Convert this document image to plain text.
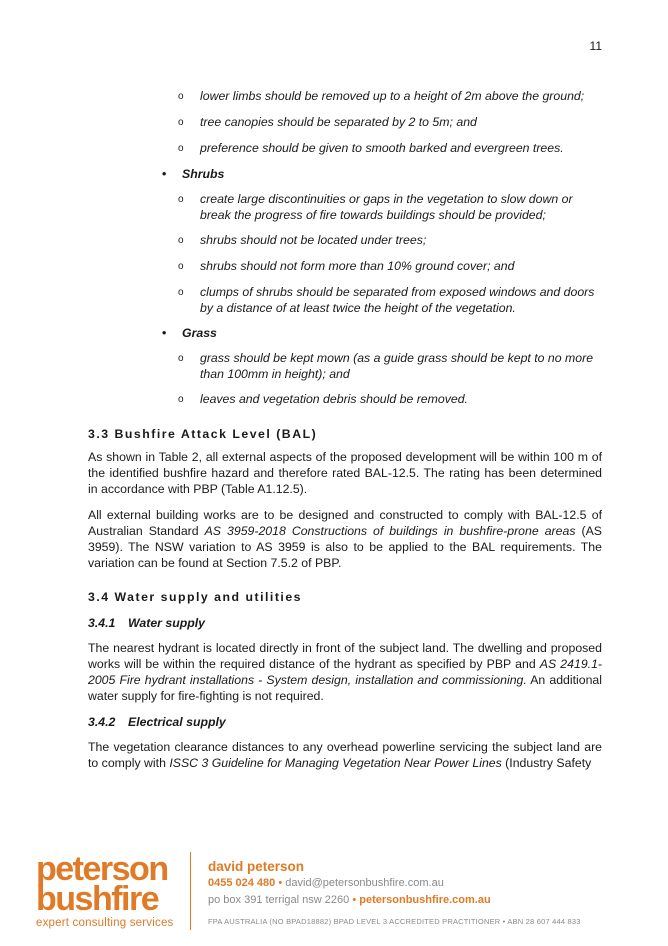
11
o	lower limbs should be removed up to a height of 2m above the ground;
o	tree canopies should be separated by 2 to 5m; and
o	preference should be given to smooth barked and evergreen trees.
•	Shrubs
o	create large discontinuities or gaps in the vegetation to slow down or break the progress of fire towards buildings should be provided;
o	shrubs should not be located under trees;
o	shrubs should not form more than 10% ground cover; and
o	clumps of shrubs should be separated from exposed windows and doors by a distance of at least twice the height of the vegetation.
•	Grass
o	grass should be kept mown (as a guide grass should be kept to no more than 100mm in height); and
o	leaves and vegetation debris should be removed.
3.3 Bushfire Attack Level (BAL)

As shown in Table 2, all external aspects of the proposed development will be within 100 m of the identified bushfire hazard and therefore rated BAL-12.5. The rating has been determined in accordance with PBP (Table A1.12.5).

All external building works are to be designed and constructed to comply with BAL-12.5 of Australian Standard AS 3959-2018 Constructions of buildings in bushfire-prone areas (AS 3959). The NSW variation to AS 3959 is also to be applied to the BAL requirements. The variation can be found at Section 7.5.2 of PBP.

3.4 Water supply and utilities
3.4.1 Water supply

The nearest hydrant is located directly in front of the subject land. The dwelling and proposed works will be within the required distance of the hydrant as specified by PBP and AS 2419.1-2005 Fire hydrant installations - System design, installation and commissioning. An additional water supply for fire-fighting is not required.

3.4.2 Electrical supply

The vegetation clearance distances to any overhead powerline servicing the subject land are to comply with ISSC 3 Guideline for Managing Vegetation Near Power Lines (Industry Safety

peterson
bushfire
expert consulting services
david peterson
0455 024 480 • david@petersonbushfire.com.au
po box 391 terrigal nsw 2260 • petersonbushfire.com.au
FPA AUSTRALIA (NO BPAD18882) BPAD LEVEL 3 ACCREDITED PRACTITIONER • ABN 28 607 444 833
